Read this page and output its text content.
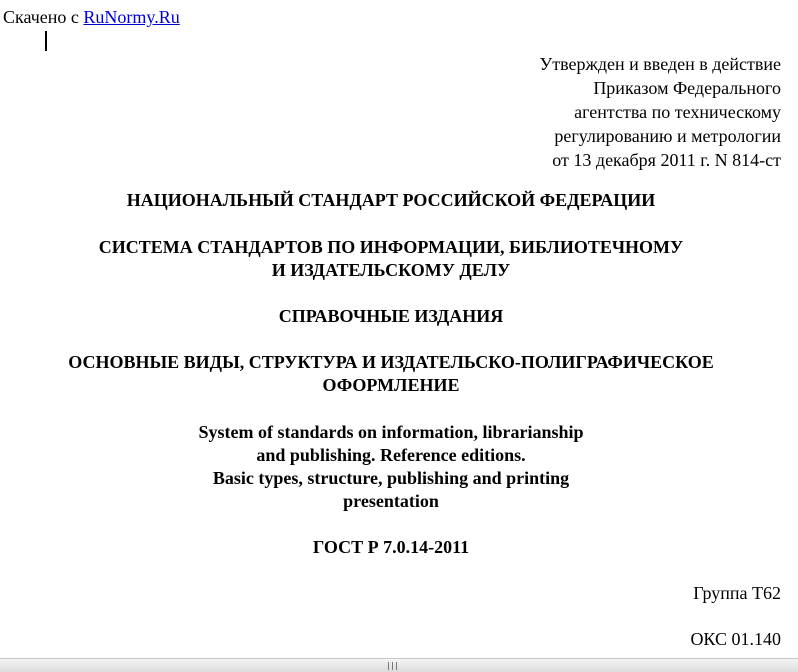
Скачено с RuNormy.Ru
Утвержден и введен в действие
Приказом Федерального
агентства по техническому
регулированию и метрологии
от 13 декабря 2011 г. N 814-ст
НАЦИОНАЛЬНЫЙ СТАНДАРТ РОССИЙСКОЙ ФЕДЕРАЦИИ
СИСТЕМА СТАНДАРТОВ ПО ИНФОРМАЦИИ, БИБЛИОТЕЧНОМУ
И ИЗДАТЕЛЬСКОМУ ДЕЛУ
СПРАВОЧНЫЕ ИЗДАНИЯ
ОСНОВНЫЕ ВИДЫ, СТРУКТУРА И ИЗДАТЕЛЬСКО-ПОЛИГРАФИЧЕСКОЕ
ОФОРМЛЕНИЕ
System of standards on information, librarianship
and publishing. Reference editions.
Basic types, structure, publishing and printing
presentation
ГОСТ Р 7.0.14-2011
Группа Т62
ОКС 01.140
